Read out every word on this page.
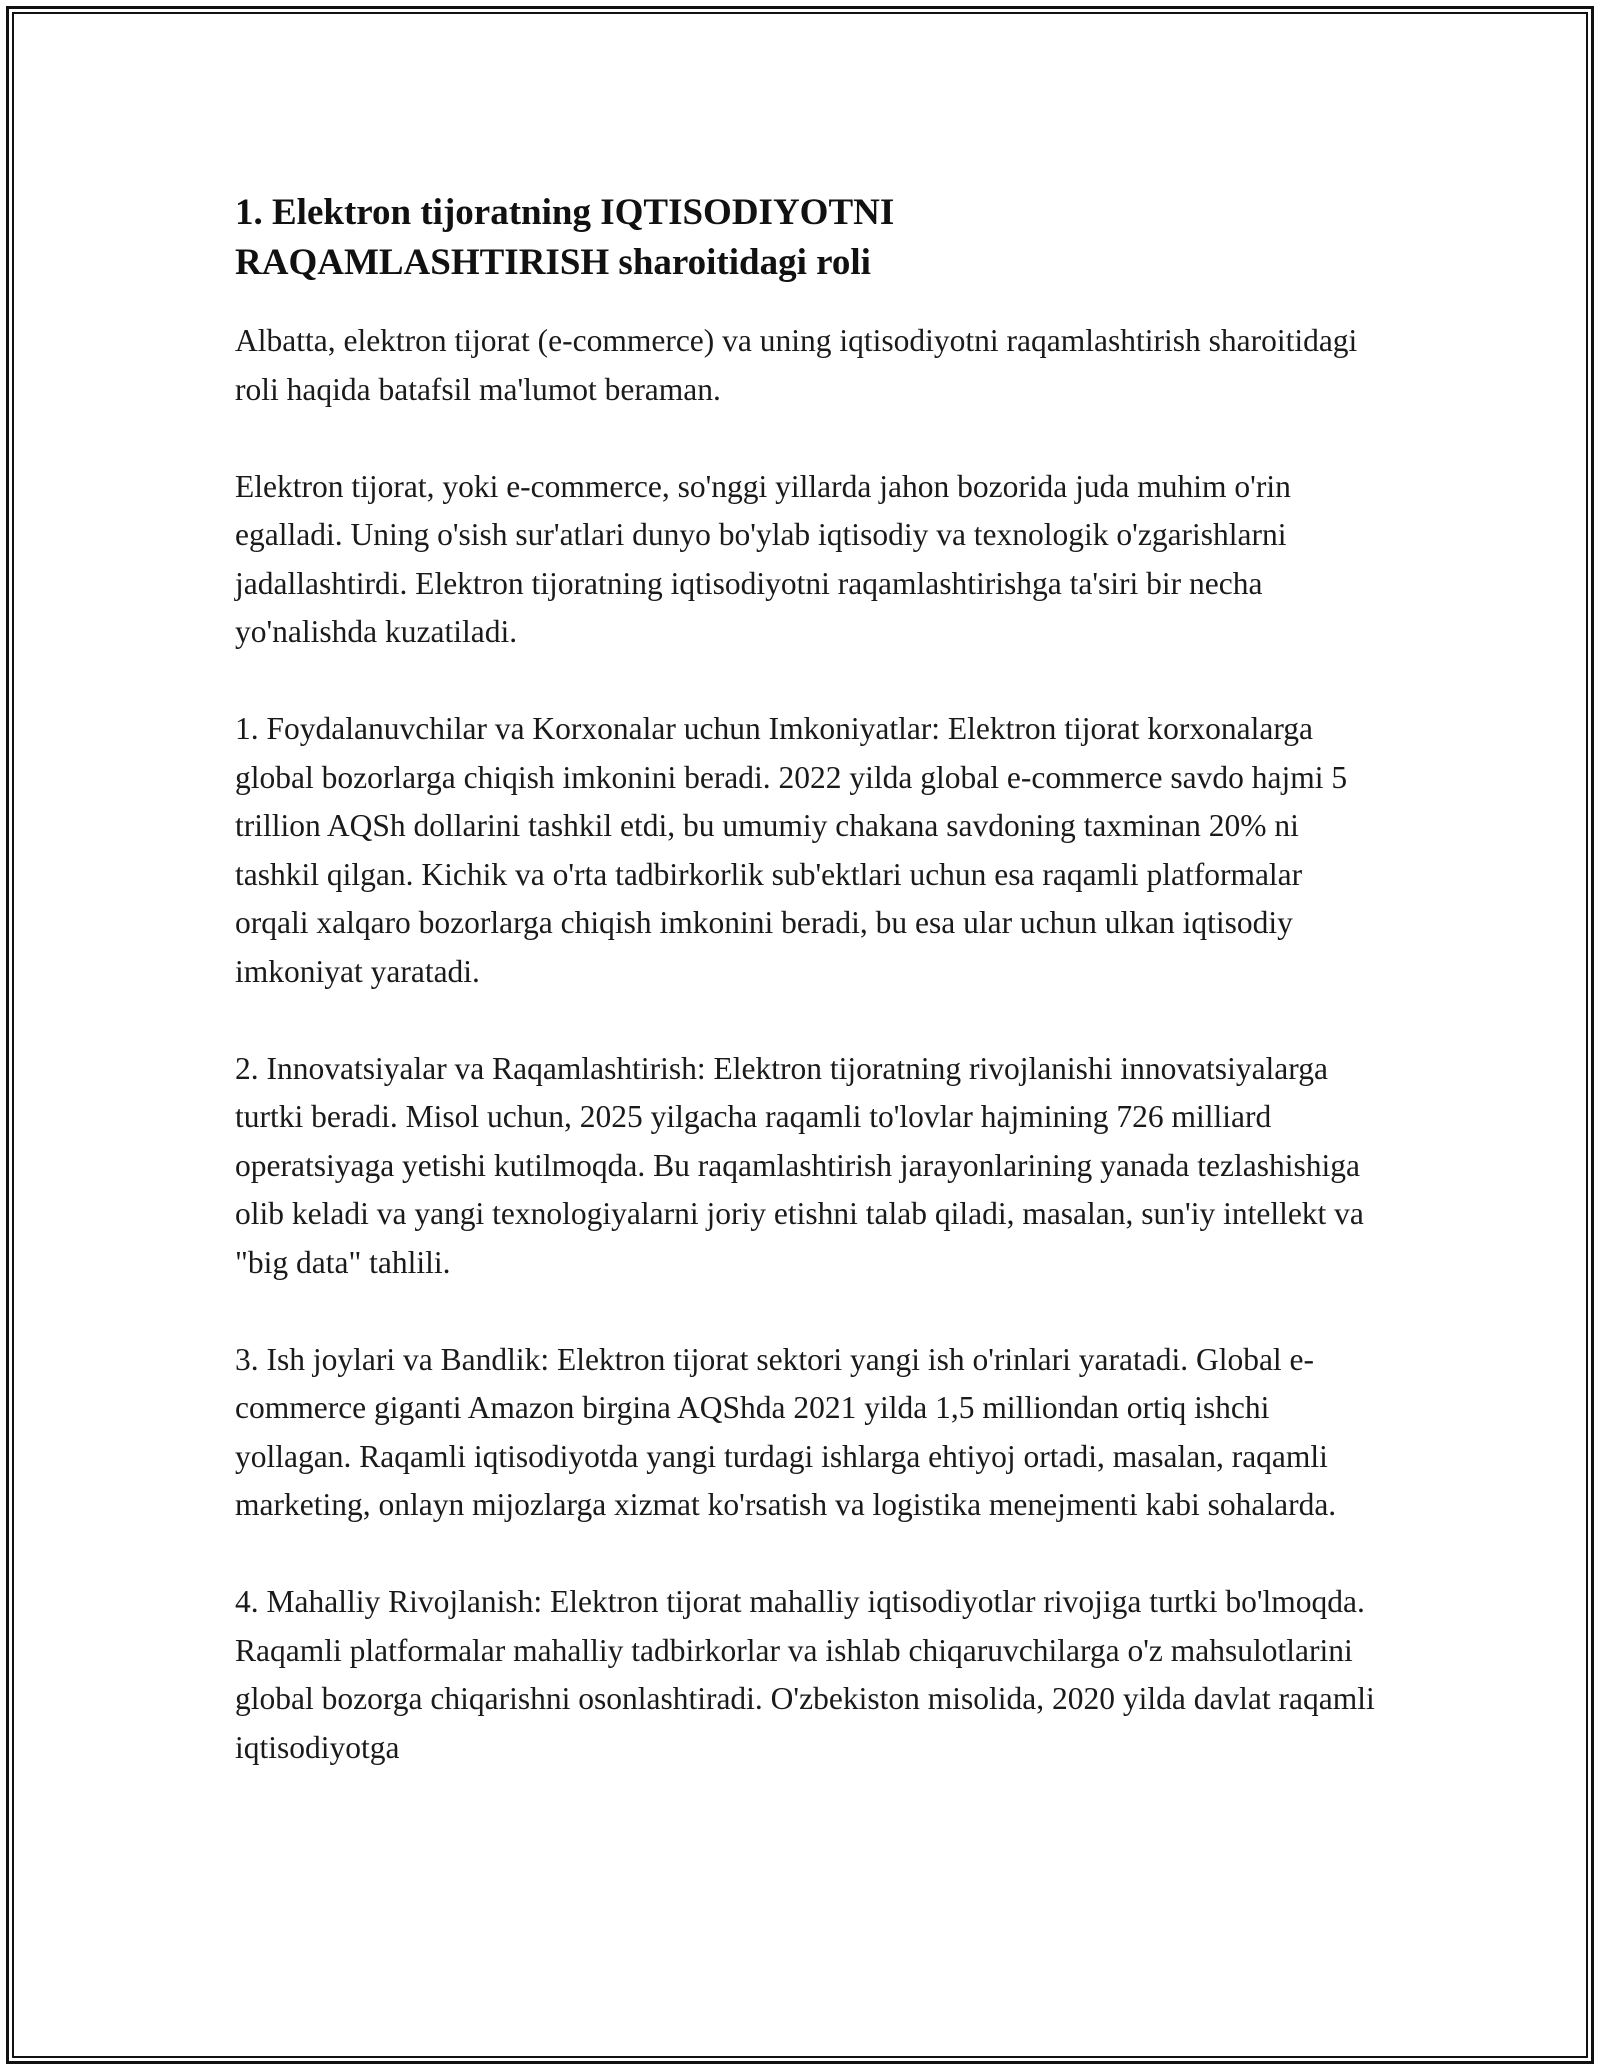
1. Elektron tijoratning IQTISODIYOTNI RAQAMLASHTIRISH sharoitidagi roli

Albatta, elektron tijorat (e-commerce) va uning iqtisodiyotni raqamlashtirish sharoitidagi roli haqida batafsil ma'lumot beraman.

Elektron tijorat, yoki e-commerce, so'nggi yillarda jahon bozorida juda muhim o'rin egalladi. Uning o'sish sur'atlari dunyo bo'ylab iqtisodiy va texnologik o'zgarishlarni jadallashtirdi. Elektron tijoratning iqtisodiyotni raqamlashtirishga ta'siri bir necha yo'nalishda kuzatiladi.

1. Foydalanuvchilar va Korxonalar uchun Imkoniyatlar: Elektron tijorat korxonalarga global bozorlarga chiqish imkonini beradi. 2022 yilda global e-commerce savdo hajmi 5 trillion AQSh dollarini tashkil etdi, bu umumiy chakana savdoning taxminan 20% ni tashkil qilgan. Kichik va o'rta tadbirkorlik sub'ektlari uchun esa raqamli platformalar orqali xalqaro bozorlarga chiqish imkonini beradi, bu esa ular uchun ulkan iqtisodiy imkoniyat yaratadi.

2. Innovatsiyalar va Raqamlashtirish: Elektron tijoratning rivojlanishi innovatsiyalarga turtki beradi. Misol uchun, 2025 yilgacha raqamli to'lovlar hajmining 726 milliard operatsiyaga yetishi kutilmoqda. Bu raqamlashtirish jarayonlarining yanada tezlashishiga olib keladi va yangi texnologiyalarni joriy etishni talab qiladi, masalan, sun'iy intellekt va "big data" tahlili.

3. Ish joylari va Bandlik: Elektron tijorat sektori yangi ish o'rinlari yaratadi. Global e-commerce giganti Amazon birgina AQShda 2021 yilda 1,5 milliondan ortiq ishchi yollagan. Raqamli iqtisodiyotda yangi turdagi ishlarga ehtiyoj ortadi, masalan, raqamli marketing, onlayn mijozlarga xizmat ko'rsatish va logistika menejmenti kabi sohalarda.

4. Mahalliy Rivojlanish: Elektron tijorat mahalliy iqtisodiyotlar rivojiga turtki bo'lmoqda. Raqamli platformalar mahalliy tadbirkorlar va ishlab chiqaruvchilarga o'z mahsulotlarini global bozorga chiqarishni osonlashtiradi. O'zbekiston misolida, 2020 yilda davlat raqamli iqtisodiyotga
